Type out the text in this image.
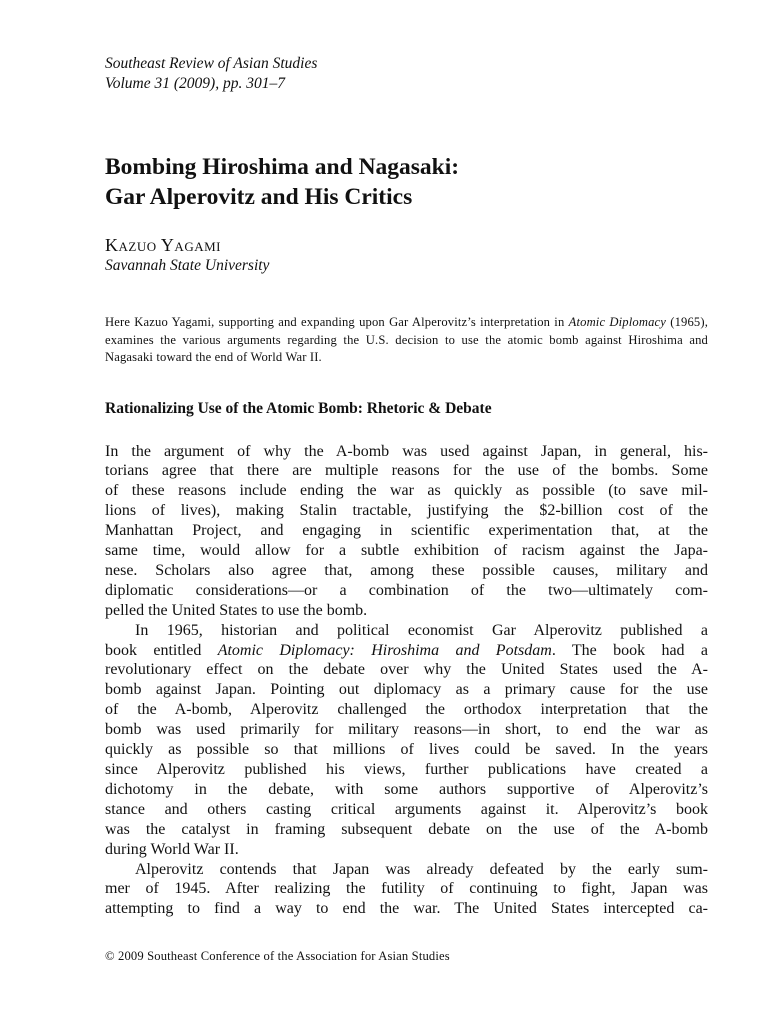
Southeast Review of Asian Studies

Volume 31 (2009), pp. 301–7

Bombing Hiroshima and Nagasaki:
Gar Alperovitz and His Critics

Kazuo Yagami

Savannah State University

Here Kazuo Yagami, supporting and expanding upon Gar Alperovitz’s interpretation in Atomic Diplomacy (1965), examines the various arguments regarding the U.S. decision to use the atomic bomb against Hiroshima and Nagasaki toward the end of World War II.

Rationalizing Use of the Atomic Bomb: Rhetoric & Debate

In the argument of why the A-bomb was used against Japan, in general, his-

torians agree that there are multiple reasons for the use of the bombs. Some

of these reasons include ending the war as quickly as possible (to save mil-

lions of lives), making Stalin tractable, justifying the $2-billion cost of the

Manhattan Project, and engaging in scientific experimentation that, at the

same time, would allow for a subtle exhibition of racism against the Japa-

nese. Scholars also agree that, among these possible causes, military and

diplomatic considerations—or a combination of the two—ultimately com-

pelled the United States to use the bomb.

In 1965, historian and political economist Gar Alperovitz published a

book entitled Atomic Diplomacy: Hiroshima and Potsdam. The book had a

revolutionary effect on the debate over why the United States used the A-

bomb against Japan. Pointing out diplomacy as a primary cause for the use

of the A-bomb, Alperovitz challenged the orthodox interpretation that the

bomb was used primarily for military reasons—in short, to end the war as

quickly as possible so that millions of lives could be saved. In the years

since Alperovitz published his views, further publications have created a

dichotomy in the debate, with some authors supportive of Alperovitz’s

stance and others casting critical arguments against it. Alperovitz’s book

was the catalyst in framing subsequent debate on the use of the A-bomb

during World War II.

Alperovitz contends that Japan was already defeated by the early sum-

mer of 1945. After realizing the futility of continuing to fight, Japan was

attempting to find a way to end the war. The United States intercepted ca-

© 2009 Southeast Conference of the Association for Asian Studies
